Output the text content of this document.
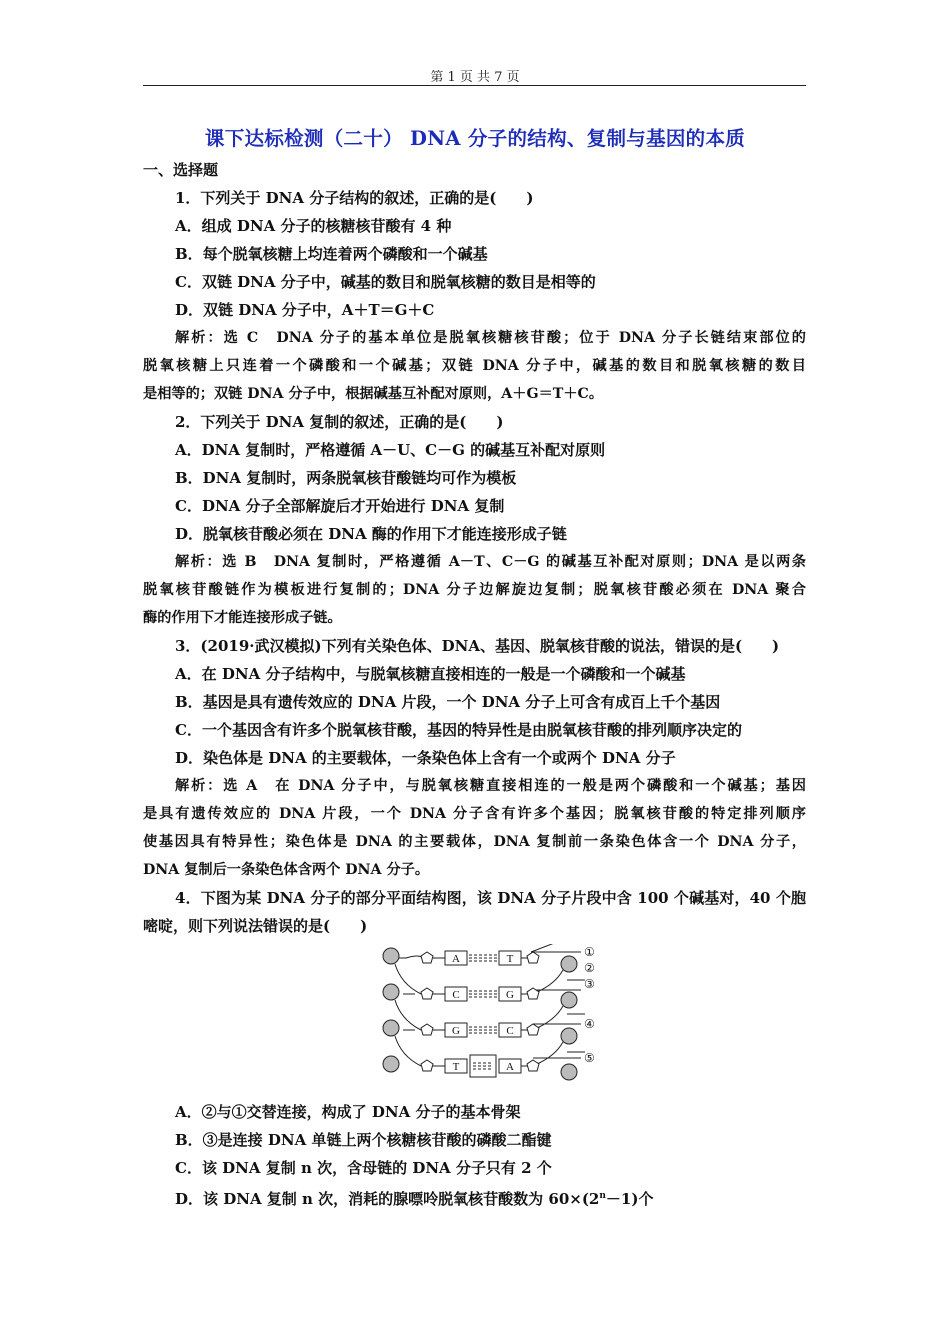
第 1 页 共 7 页
课下达标检测（二十） DNA 分子的结构、复制与基因的本质
一、选择题
1．下列关于 DNA 分子结构的叙述，正确的是(　　)
A．组成 DNA 分子的核糖核苷酸有 4 种
B．每个脱氧核糖上均连着两个磷酸和一个碱基
C．双链 DNA 分子中，碱基的数目和脱氧核糖的数目是相等的
D．双链 DNA 分子中，A＋T＝G＋C
解析：选 C　DNA 分子的基本单位是脱氧核糖核苷酸；位于 DNA 分子长链结束部位的
脱氧核糖上只连着一个磷酸和一个碱基；双链 DNA 分子中，碱基的数目和脱氧核糖的数目
是相等的；双链 DNA 分子中，根据碱基互补配对原则，A＋G＝T＋C。
2．下列关于 DNA 复制的叙述，正确的是(　　)
A．DNA 复制时，严格遵循 A－U、C－G 的碱基互补配对原则
B．DNA 复制时，两条脱氧核苷酸链均可作为模板
C．DNA 分子全部解旋后才开始进行 DNA 复制
D．脱氧核苷酸必须在 DNA 酶的作用下才能连接形成子链
解析：选 B　DNA 复制时，严格遵循 A－T、C－G 的碱基互补配对原则；DNA 是以两条
脱氧核苷酸链作为模板进行复制的；DNA 分子边解旋边复制；脱氧核苷酸必须在 DNA 聚合
酶的作用下才能连接形成子链。
3．(2019·武汉模拟)下列有关染色体、DNA、基因、脱氧核苷酸的说法，错误的是(　　)
A．在 DNA 分子结构中，与脱氧核糖直接相连的一般是一个磷酸和一个碱基
B．基因是具有遗传效应的 DNA 片段，一个 DNA 分子上可含有成百上千个基因
C．一个基因含有许多个脱氧核苷酸，基因的特异性是由脱氧核苷酸的排列顺序决定的
D．染色体是 DNA 的主要载体，一条染色体上含有一个或两个 DNA 分子
解析：选 A　在 DNA 分子中，与脱氧核糖直接相连的一般是两个磷酸和一个碱基；基因
是具有遗传效应的 DNA 片段，一个 DNA 分子含有许多个基因；脱氧核苷酸的特定排列顺序
使基因具有特异性；染色体是 DNA 的主要载体，DNA 复制前一条染色体含一个 DNA 分子，
DNA 复制后一条染色体含两个 DNA 分子。
4．下图为某 DNA 分子的部分平面结构图，该 DNA 分子片段中含 100 个碱基对，40 个胞
嘧啶，则下列说法错误的是(　　)
A	T
C	G
G	C
T	A
①
②
③
④
⑤
A．②与①交替连接，构成了 DNA 分子的基本骨架
B．③是连接 DNA 单链上两个核糖核苷酸的磷酸二酯键
C．该 DNA 复制 n 次，含母链的 DNA 分子只有 2 个
D．该 DNA 复制 n 次，消耗的腺嘌呤脱氧核苷酸数为 $60\times(2^n-1)$个
